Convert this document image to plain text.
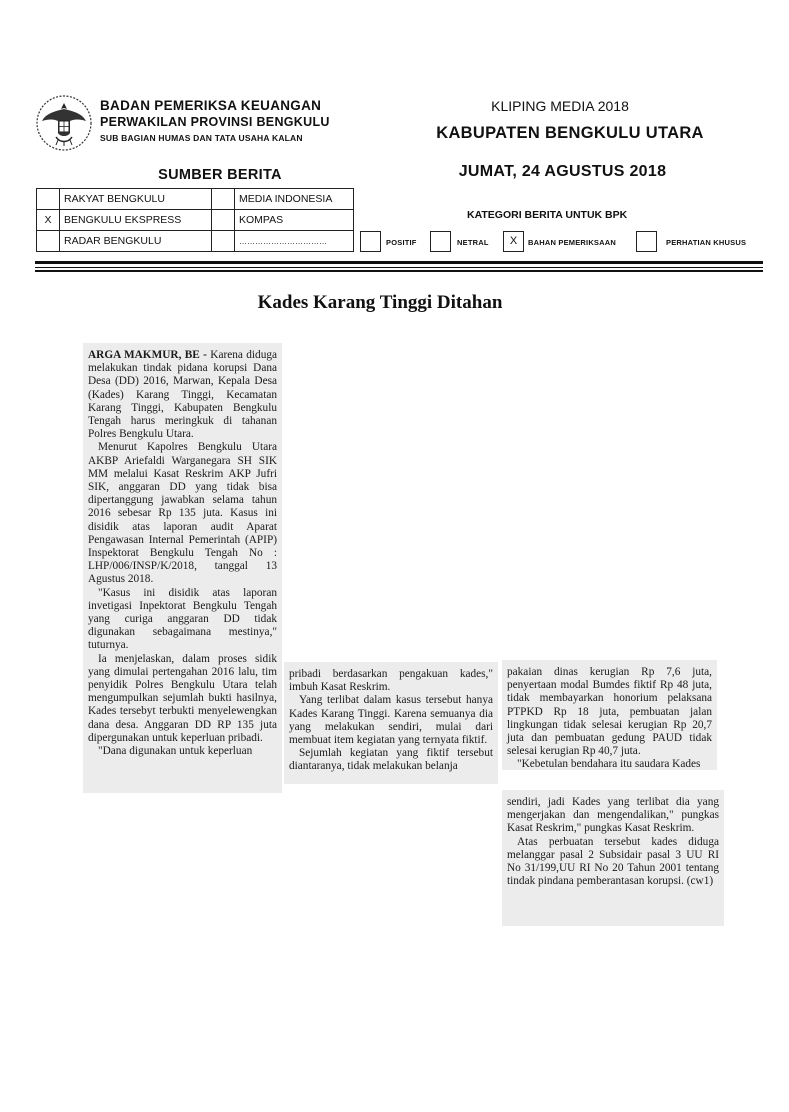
BADAN PEMERIKSA KEUANGAN
PERWAKILAN PROVINSI BENGKULU
SUB BAGIAN HUMAS DAN TATA USAHA KALAN
KLIPING MEDIA 2018
KABUPATEN BENGKULU UTARA
JUMAT, 24 AGUSTUS 2018
SUMBER BERITA
	RAKYAT BENGKULU		MEDIA INDONESIA
X	BENGKULU EKSPRESS		KOMPAS
	RADAR BENGKULU		……………………………
KATEGORI BERITA UNTUK BPK
POSITIF	NETRAL	X	BAHAN PEMERIKSAAN	PERHATIAN KHUSUS
Kades Karang Tinggi Ditahan

ARGA MAKMUR, BE - Karena diduga melakukan tindak pidana korupsi Dana Desa (DD) 2016, Marwan, Kepala Desa (Kades) Karang Tinggi, Kecamatan Karang Tinggi, Kabupaten Bengkulu Tengah harus meringkuk di tahanan Polres Bengkulu Utara.

Menurut Kapolres Bengkulu Utara AKBP Ariefaldi Warganegara SH SIK MM melalui Kasat Reskrim AKP Jufri SIK, anggaran DD yang tidak bisa dipertanggung jawabkan selama tahun 2016 sebesar Rp 135 juta. Kasus ini disidik atas laporan audit Aparat Pengawasan Internal Pemerintah (APIP) Inspektorat Bengkulu Tengah No : LHP/006/INSP/K/2018, tanggal 13 Agustus 2018.

"Kasus ini disidik atas laporan invetigasi Inpektorat Bengkulu Tengah yang curiga anggaran DD tidak digunakan sebagaimana mestinya," tuturnya.

Ia menjelaskan, dalam proses sidik yang dimulai pertengahan 2016 lalu, tim penyidik Polres Bengkulu Utara telah mengumpulkan sejumlah bukti hasilnya, Kades tersebyt terbukti menyelewengkan dana desa. Anggaran DD RP 135 juta dipergunakan untuk keperluan pribadi.

"Dana digunakan untuk keperluan

pribadi berdasarkan pengakuan kades," imbuh Kasat Reskrim.

Yang terlibat dalam kasus tersebut hanya Kades Karang Tinggi. Karena semuanya dia yang melakukan sendiri, mulai dari membuat item kegiatan yang ternyata fiktif.

Sejumlah kegiatan yang fiktif tersebut diantaranya, tidak melakukan belanja

pakaian dinas kerugian Rp 7,6 juta, penyertaan modal Bumdes fiktif Rp 48 juta, tidak membayarkan honorium pelaksana PTPKD Rp 18 juta, pembuatan jalan lingkungan tidak selesai kerugian Rp 20,7 juta dan pembuatan gedung PAUD tidak selesai kerugian Rp 40,7 juta.

"Kebetulan bendahara itu saudara Kades

sendiri, jadi Kades yang terlibat dia yang mengerjakan dan mengendalikan," pungkas Kasat Reskrim," pungkas Kasat Reskrim.

Atas perbuatan tersebut kades diduga melanggar pasal 2 Subsidair pasal 3 UU RI No 31/199,UU RI No 20 Tahun 2001 tentang tindak pindana pemberantasan korupsi. (cw1)
